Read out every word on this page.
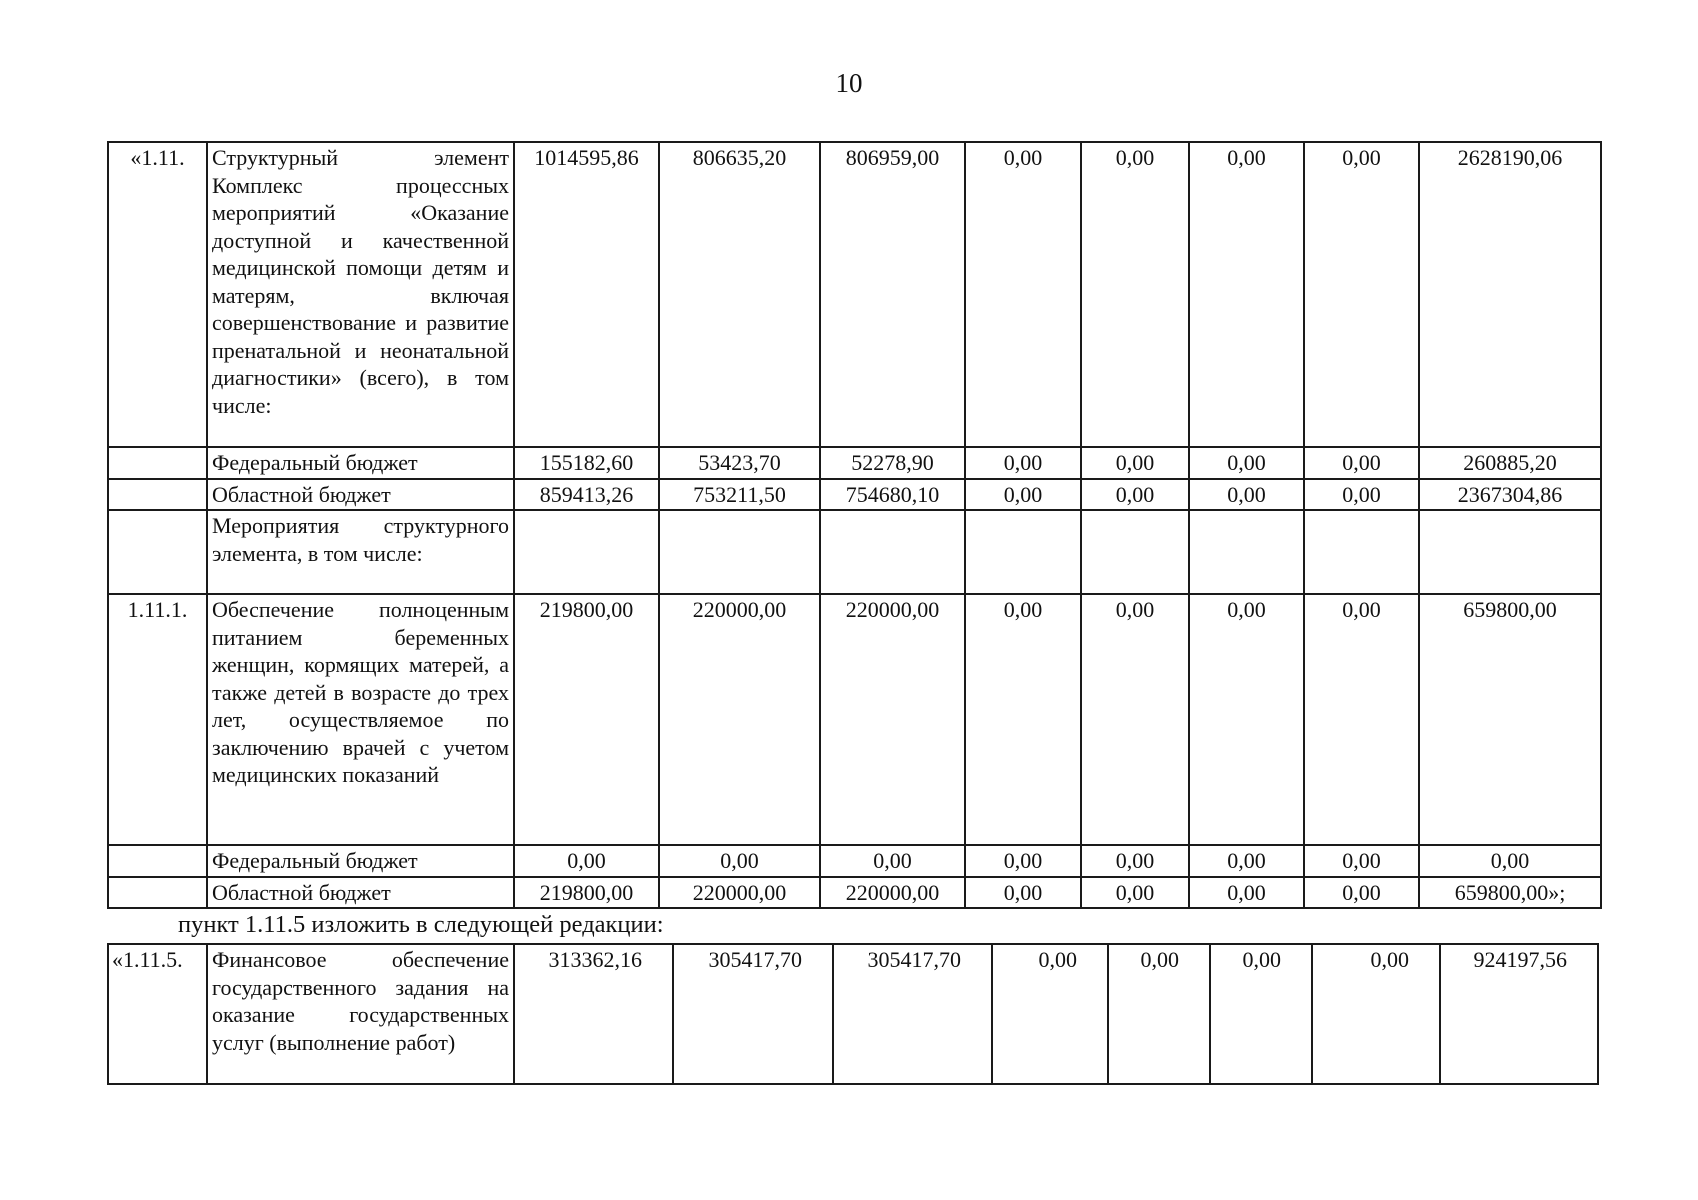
10
«1.11.	Структурный элемент Комплекс процессных мероприятий «Оказание доступной и качественной медицинской помощи детям и матерям, включая совершенствование и развитие пренатальной и неонатальной диагностики» (всего), в том числе:	1014595,86	806635,20	806959,00	0,00	0,00	0,00	0,00	2628190,06
	Федеральный бюджет	155182,60	53423,70	52278,90	0,00	0,00	0,00	0,00	260885,20
	Областной бюджет	859413,26	753211,50	754680,10	0,00	0,00	0,00	0,00	2367304,86
	Мероприятия структурного элемента, в том числе:								
1.11.1.	Обеспечение полноценным питанием беременных женщин, кормящих матерей, а также детей в возрасте до трех лет, осуществляемое по заключению врачей с учетом медицинских показаний	219800,00	220000,00	220000,00	0,00	0,00	0,00	0,00	659800,00
	Федеральный бюджет	0,00	0,00	0,00	0,00	0,00	0,00	0,00	0,00
	Областной бюджет	219800,00	220000,00	220000,00	0,00	0,00	0,00	0,00	659800,00»;
пункт 1.11.5 изложить в следующей редакции:
«1.11.5.	Финансовое обеспечение государственного задания на оказание государственных услуг (выполнение работ)	313362,16	305417,70	305417,70	0,00	0,00	0,00	0,00	924197,56
